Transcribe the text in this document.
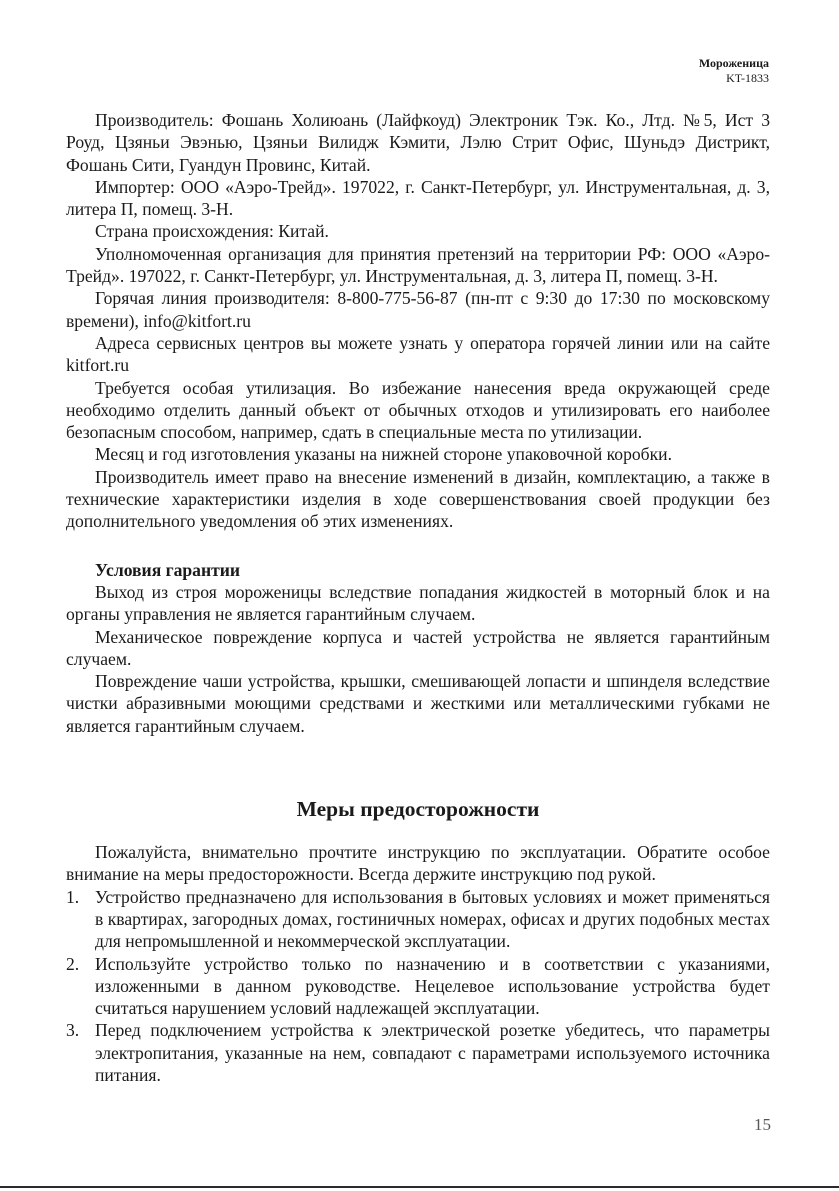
Мороженица
KT-1833

Производитель: Фошань Холиюань (Лайфкоуд) Электроник Тэк. Ко., Лтд. №5, Ист 3 Роуд, Цзяньи Эвэнью, Цзяньи Вилидж Кэмити, Лэлю Стрит Офис, Шуньдэ Дистрикт, Фошань Сити, Гуандун Провинс, Китай.

Импортер: ООО «Аэро-Трейд». 197022, г. Санкт-Петербург, ул. Инструментальная, д. 3, литера П, помещ. 3-Н.

Страна происхождения: Китай.

Уполномоченная организация для принятия претензий на территории РФ: ООО «Аэро-Трейд». 197022, г. Санкт-Петербург, ул. Инструментальная, д. 3, литера П, помещ. 3-Н.

Горячая линия производителя: 8-800-775-56-87 (пн-пт с 9:30 до 17:30 по московскому времени), info@kitfort.ru

Адреса сервисных центров вы можете узнать у оператора горячей линии или на сайте kitfort.ru

Требуется особая утилизация. Во избежание нанесения вреда окружающей среде необходимо отделить данный объект от обычных отходов и утилизировать его наиболее безопасным способом, например, сдать в специальные места по утилизации.

Месяц и год изготовления указаны на нижней стороне упаковочной коробки.

Производитель имеет право на внесение изменений в дизайн, комплектацию, а также в технические характеристики изделия в ходе совершенствования своей продукции без дополнительного уведомления об этих изменениях.

Условия гарантии

Выход из строя мороженицы вследствие попадания жидкостей в моторный блок и на органы управления не является гарантийным случаем.

Механическое повреждение корпуса и частей устройства не является гарантийным случаем.

Повреждение чаши устройства, крышки, смешивающей лопасти и шпинделя вследствие чистки абразивными моющими средствами и жесткими или металлическими губками не является гарантийным случаем.

Меры предосторожности

Пожалуйста, внимательно прочтите инструкцию по эксплуатации. Обратите особое внимание на меры предосторожности. Всегда держите инструкцию под рукой.

1. Устройство предназначено для использования в бытовых условиях и может применяться в квартирах, загородных домах, гостиничных номерах, офисах и других подобных местах для непромышленной и некоммерческой эксплуатации.
2. Используйте устройство только по назначению и в соответствии с указаниями, изложенными в данном руководстве. Нецелевое использование устройства будет считаться нарушением условий надлежащей эксплуатации.
3. Перед подключением устройства к электрической розетке убедитесь, что параметры электропитания, указанные на нем, совпадают с параметрами используемого источника питания.
15
